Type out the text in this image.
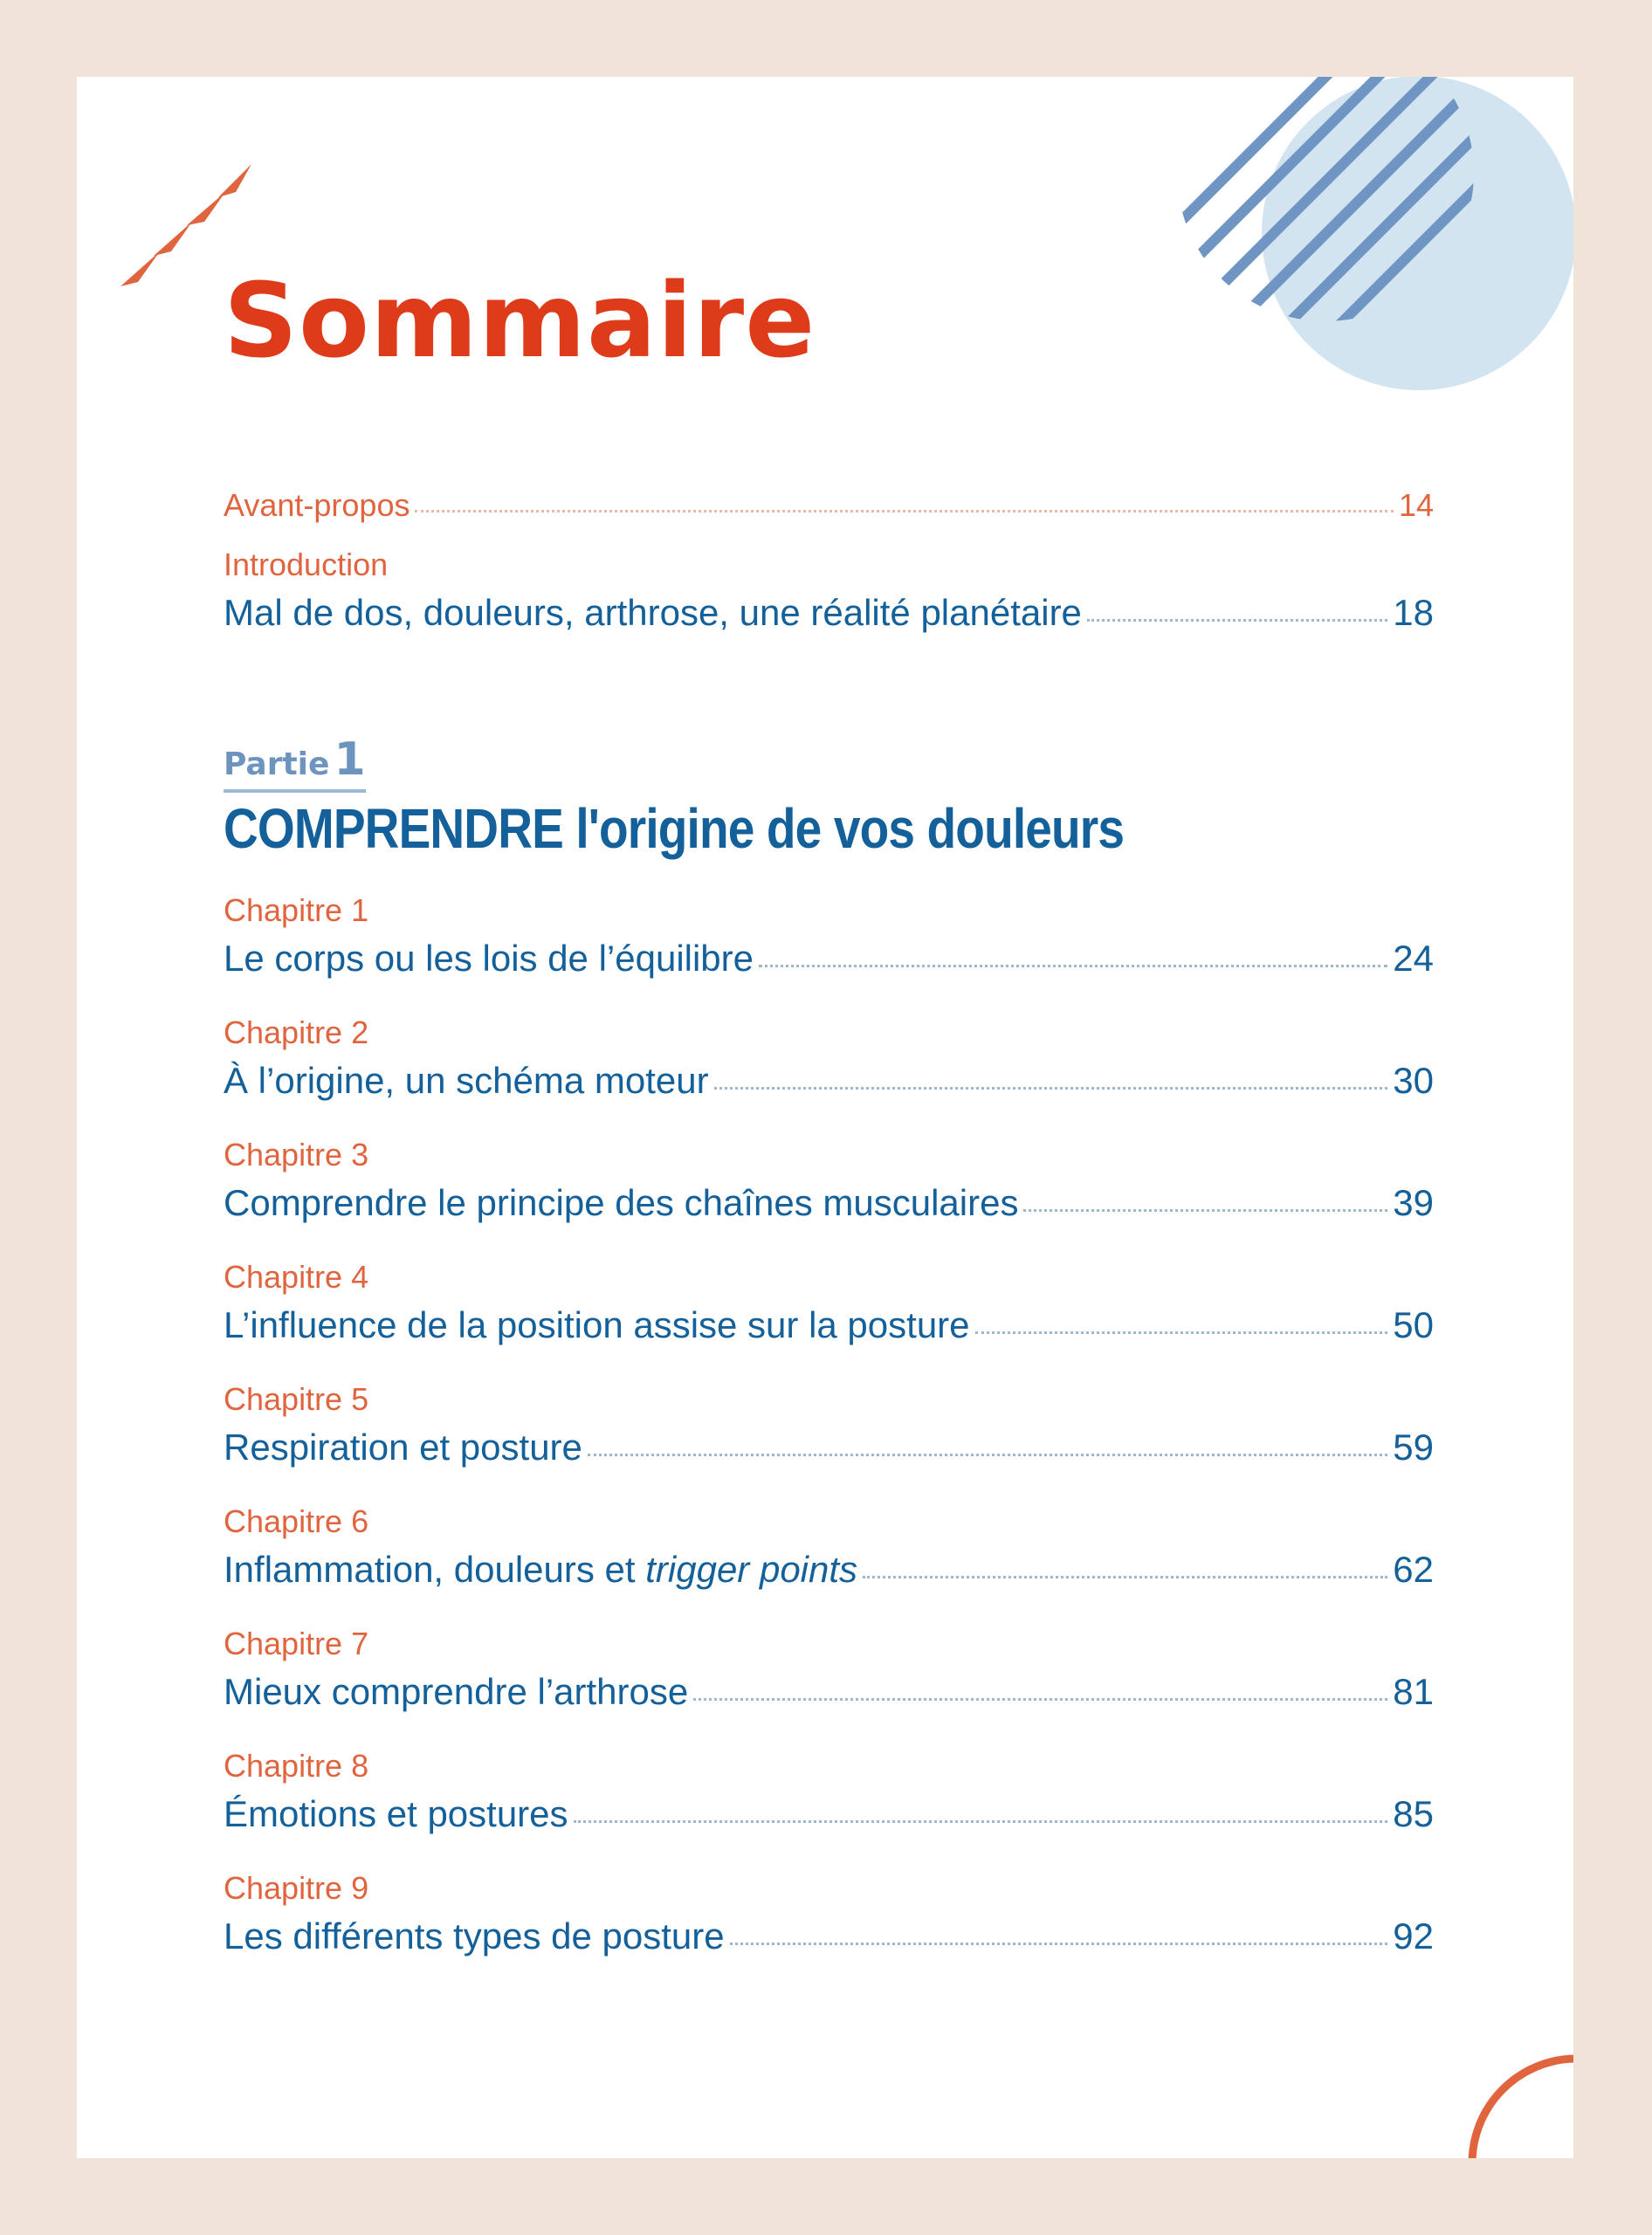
Sommaire
Avant-propos	14

Introduction

Mal de dos, douleurs, arthrose, une réalité planétaire	18
Partie 1
COMPRENDRE l'origine de vos douleurs

Chapitre 1

Le corps ou les lois de l’équilibre	24

Chapitre 2

À l’origine, un schéma moteur	30

Chapitre 3

Comprendre le principe des chaînes musculaires	39

Chapitre 4

L’influence de la position assise sur la posture	50

Chapitre 5

Respiration et posture	59

Chapitre 6

Inflammation, douleurs et trigger points	62

Chapitre 7

Mieux comprendre l’arthrose	81

Chapitre 8

Émotions et postures	85

Chapitre 9

Les différents types de posture	92
